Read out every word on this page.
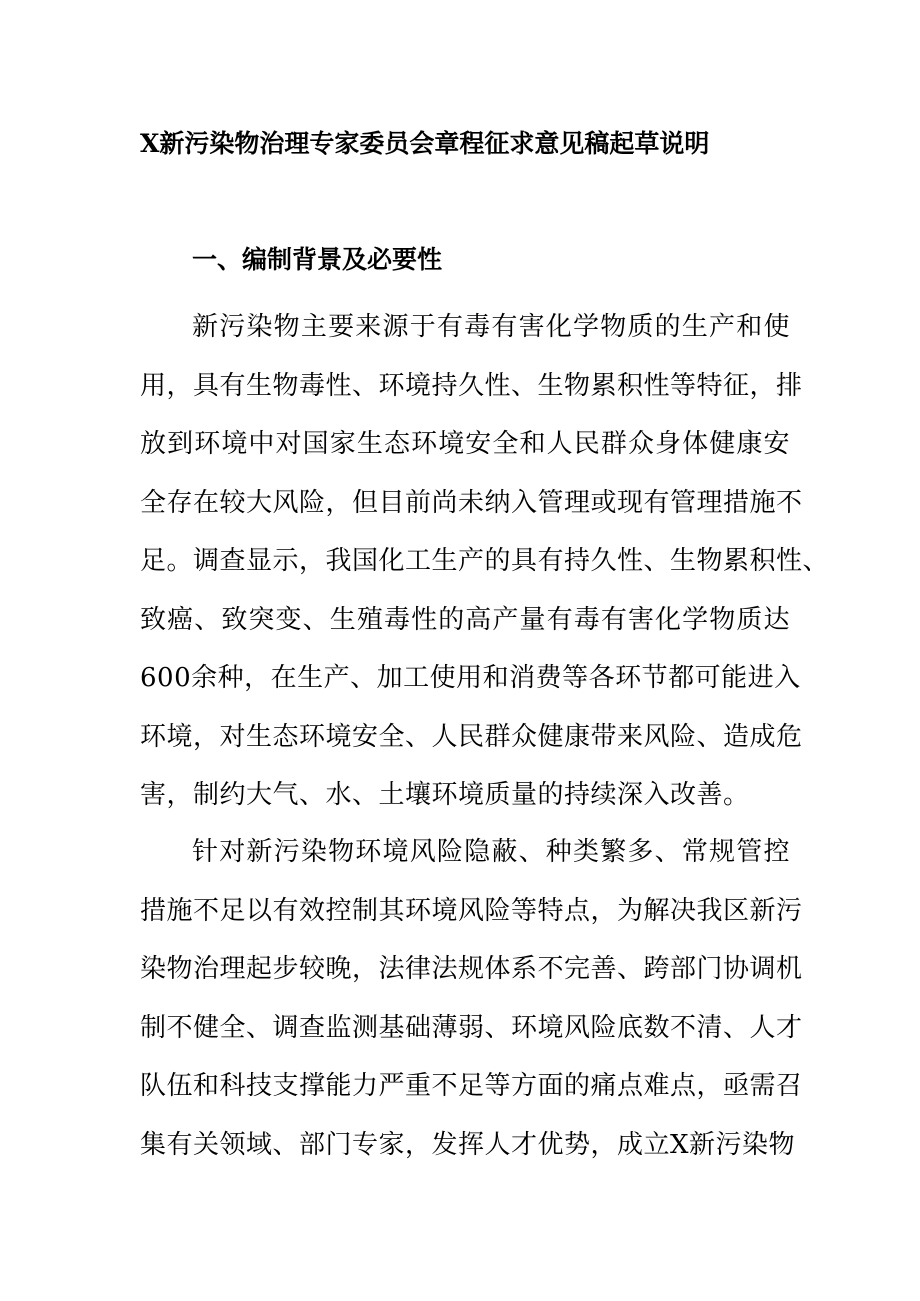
X新污染物治理专家委员会章程征求意见稿起草说明
一、编制背景及必要性
新污染物主要来源于有毒有害化学物质的生产和使
用，具有生物毒性、环境持久性、生物累积性等特征，排
放到环境中对国家生态环境安全和人民群众身体健康安
全存在较大风险，但目前尚未纳入管理或现有管理措施不
足。调查显示，我国化工生产的具有持久性、生物累积性、
致癌、致突变、生殖毒性的高产量有毒有害化学物质达
600余种，在生产、加工使用和消费等各环节都可能进入
环境，对生态环境安全、人民群众健康带来风险、造成危
害，制约大气、水、土壤环境质量的持续深入改善。
针对新污染物环境风险隐蔽、种类繁多、常规管控
措施不足以有效控制其环境风险等特点，为解决我区新污
染物治理起步较晚，法律法规体系不完善、跨部门协调机
制不健全、调查监测基础薄弱、环境风险底数不清、人才
队伍和科技支撑能力严重不足等方面的痛点难点，亟需召
集有关领域、部门专家，发挥人才优势，成立X新污染物
